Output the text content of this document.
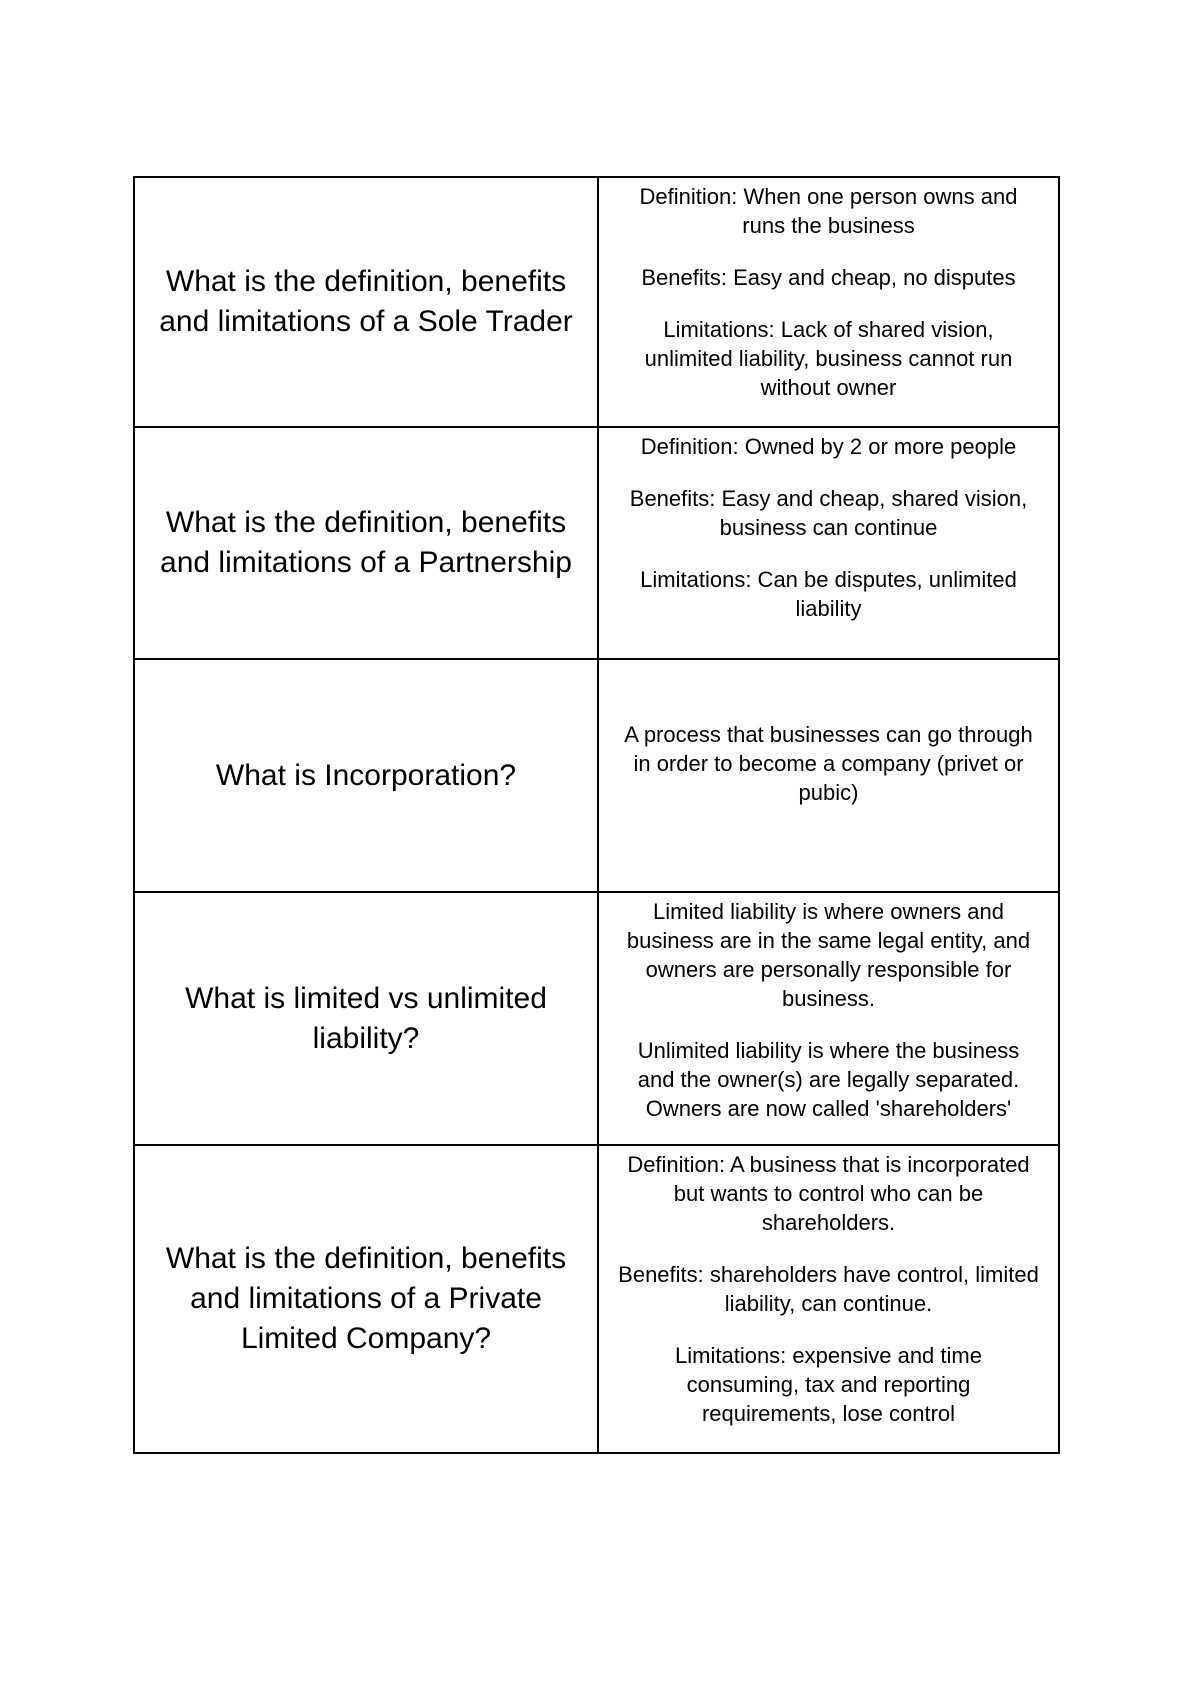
What is the definition, benefits and limitations of a Sole Trader	Definition: When one person owns and runs the business

Benefits: Easy and cheap, no disputes

Limitations: Lack of shared vision, unlimited liability, business cannot run without owner

What is the definition, benefits and limitations of a Partnership	Definition: Owned by 2 or more people

Benefits: Easy and cheap, shared vision, business can continue

Limitations: Can be disputes, unlimited liability

What is Incorporation?	A process that businesses can go through in order to become a company (privet or pubic)

What is limited vs unlimited liability?	Limited liability is where owners and business are in the same legal entity, and owners are personally responsible for business.

Unlimited liability is where the business and the owner(s) are legally separated. Owners are now called 'shareholders'

What is the definition, benefits and limitations of a Private Limited Company?	Definition: A business that is incorporated but wants to control who can be shareholders.

Benefits: shareholders have control, limited liability, can continue.

Limitations: expensive and time consuming, tax and reporting requirements, lose control
